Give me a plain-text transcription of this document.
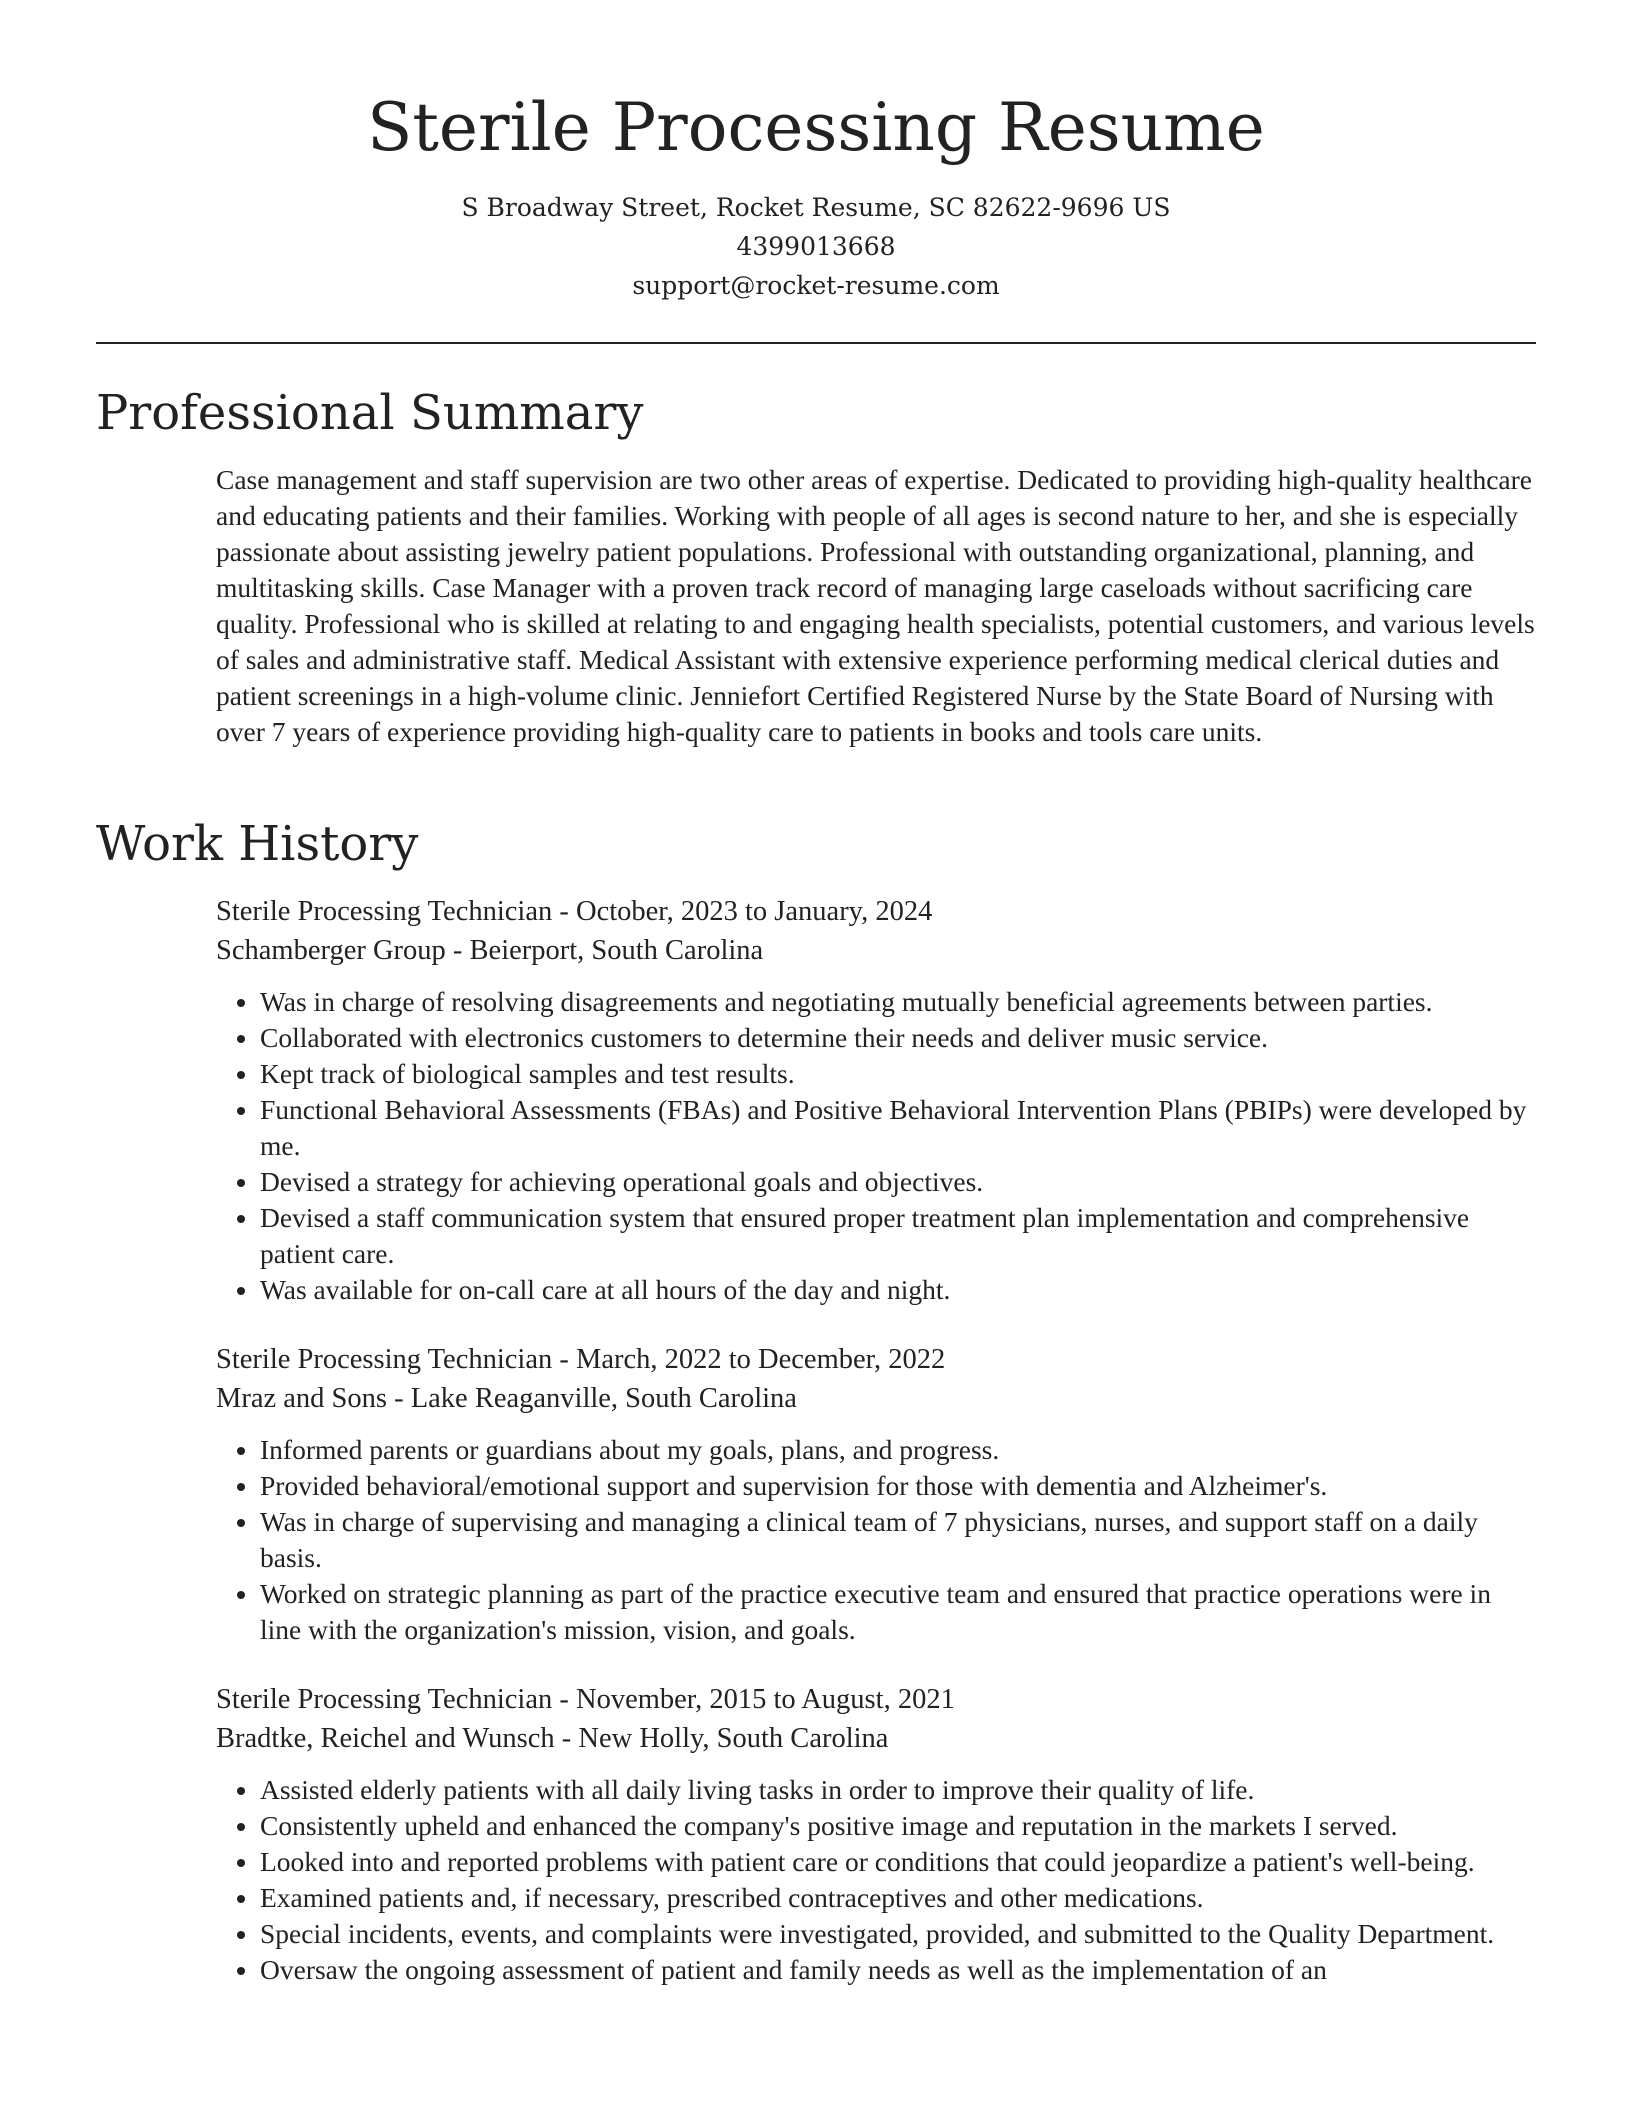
Sterile Processing Resume
S Broadway Street, Rocket Resume, SC 82622-9696 US
4399013668
support@rocket-resume.com
Professional Summary

Case management and staff supervision are two other areas of expertise. Dedicated to providing high-quality healthcare and educating patients and their families. Working with people of all ages is second nature to her, and she is especially passionate about assisting jewelry patient populations. Professional with outstanding organizational, planning, and multitasking skills. Case Manager with a proven track record of managing large caseloads without sacrificing care quality. Professional who is skilled at relating to and engaging health specialists, potential customers, and various levels of sales and administrative staff. Medical Assistant with extensive experience performing medical clerical duties and patient screenings in a high-volume clinic. Jenniefort Certified Registered Nurse by the State Board of Nursing with over 7 years of experience providing high-quality care to patients in books and tools care units.

Work History
Sterile Processing Technician - October, 2023 to January, 2024
Schamberger Group - Beierport, South Carolina
• Was in charge of resolving disagreements and negotiating mutually beneficial agreements between parties.
• Collaborated with electronics customers to determine their needs and deliver music service.
• Kept track of biological samples and test results.
• Functional Behavioral Assessments (FBAs) and Positive Behavioral Intervention Plans (PBIPs) were developed by me.
• Devised a strategy for achieving operational goals and objectives.
• Devised a staff communication system that ensured proper treatment plan implementation and comprehensive patient care.
• Was available for on-call care at all hours of the day and night.
Sterile Processing Technician - March, 2022 to December, 2022
Mraz and Sons - Lake Reaganville, South Carolina
• Informed parents or guardians about my goals, plans, and progress.
• Provided behavioral/emotional support and supervision for those with dementia and Alzheimer's.
• Was in charge of supervising and managing a clinical team of 7 physicians, nurses, and support staff on a daily basis.
• Worked on strategic planning as part of the practice executive team and ensured that practice operations were in line with the organization's mission, vision, and goals.
Sterile Processing Technician - November, 2015 to August, 2021
Bradtke, Reichel and Wunsch - New Holly, South Carolina
• Assisted elderly patients with all daily living tasks in order to improve their quality of life.
• Consistently upheld and enhanced the company's positive image and reputation in the markets I served.
• Looked into and reported problems with patient care or conditions that could jeopardize a patient's well-being.
• Examined patients and, if necessary, prescribed contraceptives and other medications.
• Special incidents, events, and complaints were investigated, provided, and submitted to the Quality Department.
• Oversaw the ongoing assessment of patient and family needs as well as the implementation of an
